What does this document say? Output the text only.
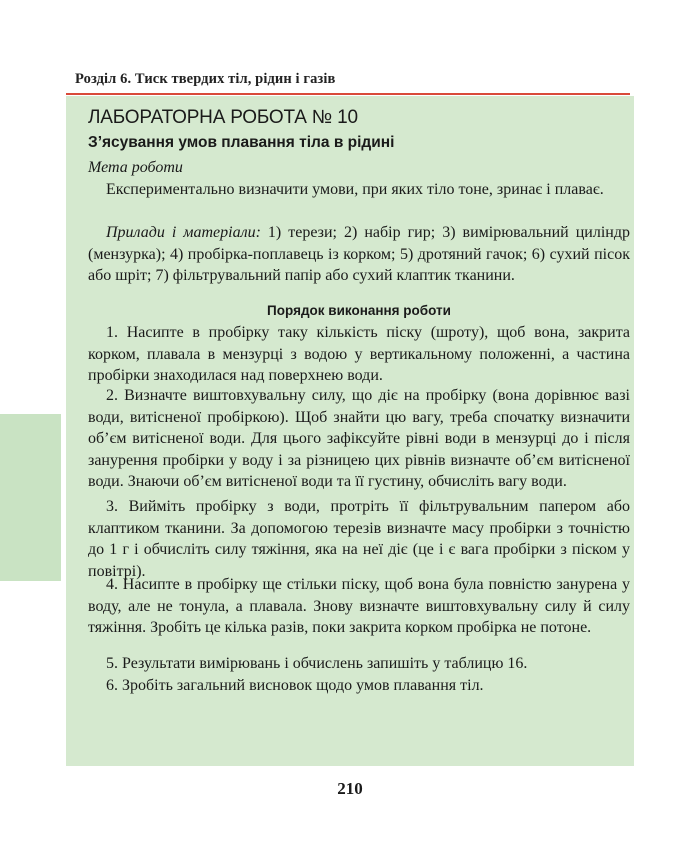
Розділ 6. Тиск твердих тіл, рідин і газів
ЛАБОРАТОРНА РОБОТА № 10
З’ясування умов плавання тіла в рідині

Мета роботи

Експериментально визначити умови, при яких тіло тоне, зринає і плаває.

Прилади і матеріали: 1) терези; 2) набір гир; 3) вимірювальний циліндр (мензурка); 4) пробірка-поплавець із корком; 5) дротяний гачок; 6) сухий пісок або шріт; 7) фільтрувальний папір або сухий клаптик тканини.

Порядок виконання роботи

1. Насипте в пробірку таку кількість піску (шроту), щоб вона, закрита корком, плавала в мензурці з водою у вертикальному положенні, а частина пробірки знаходилася над поверхнею води.

2. Визначте виштовхувальну силу, що діє на пробірку (вона дорівнює вазі води, витісненої пробіркою). Щоб знайти цю вагу, треба спочатку визначити об’єм витісненої води. Для цього зафіксуйте рівні води в мензурці до і після занурення пробірки у воду і за різницею цих рівнів визначте об’єм витісненої води. Знаючи об’єм витісненої води та її густину, обчисліть вагу води.

3. Вийміть пробірку з води, протріть її фільтрувальним папером або клаптиком тканини. За допомогою терезів визначте масу пробірки з точністю до 1 г і обчисліть силу тяжіння, яка на неї діє (це і є вага пробірки з піском у повітрі).

4. Насипте в пробірку ще стільки піску, щоб вона була повністю занурена у воду, але не тонула, а плавала. Знову визначте виштовхувальну силу й силу тяжіння. Зробіть це кілька разів, поки закрита корком пробірка не потоне.

5. Результати вимірювань і обчислень запишіть у таблицю 16.

6. Зробіть загальний висновок щодо умов плавання тіл.

210
